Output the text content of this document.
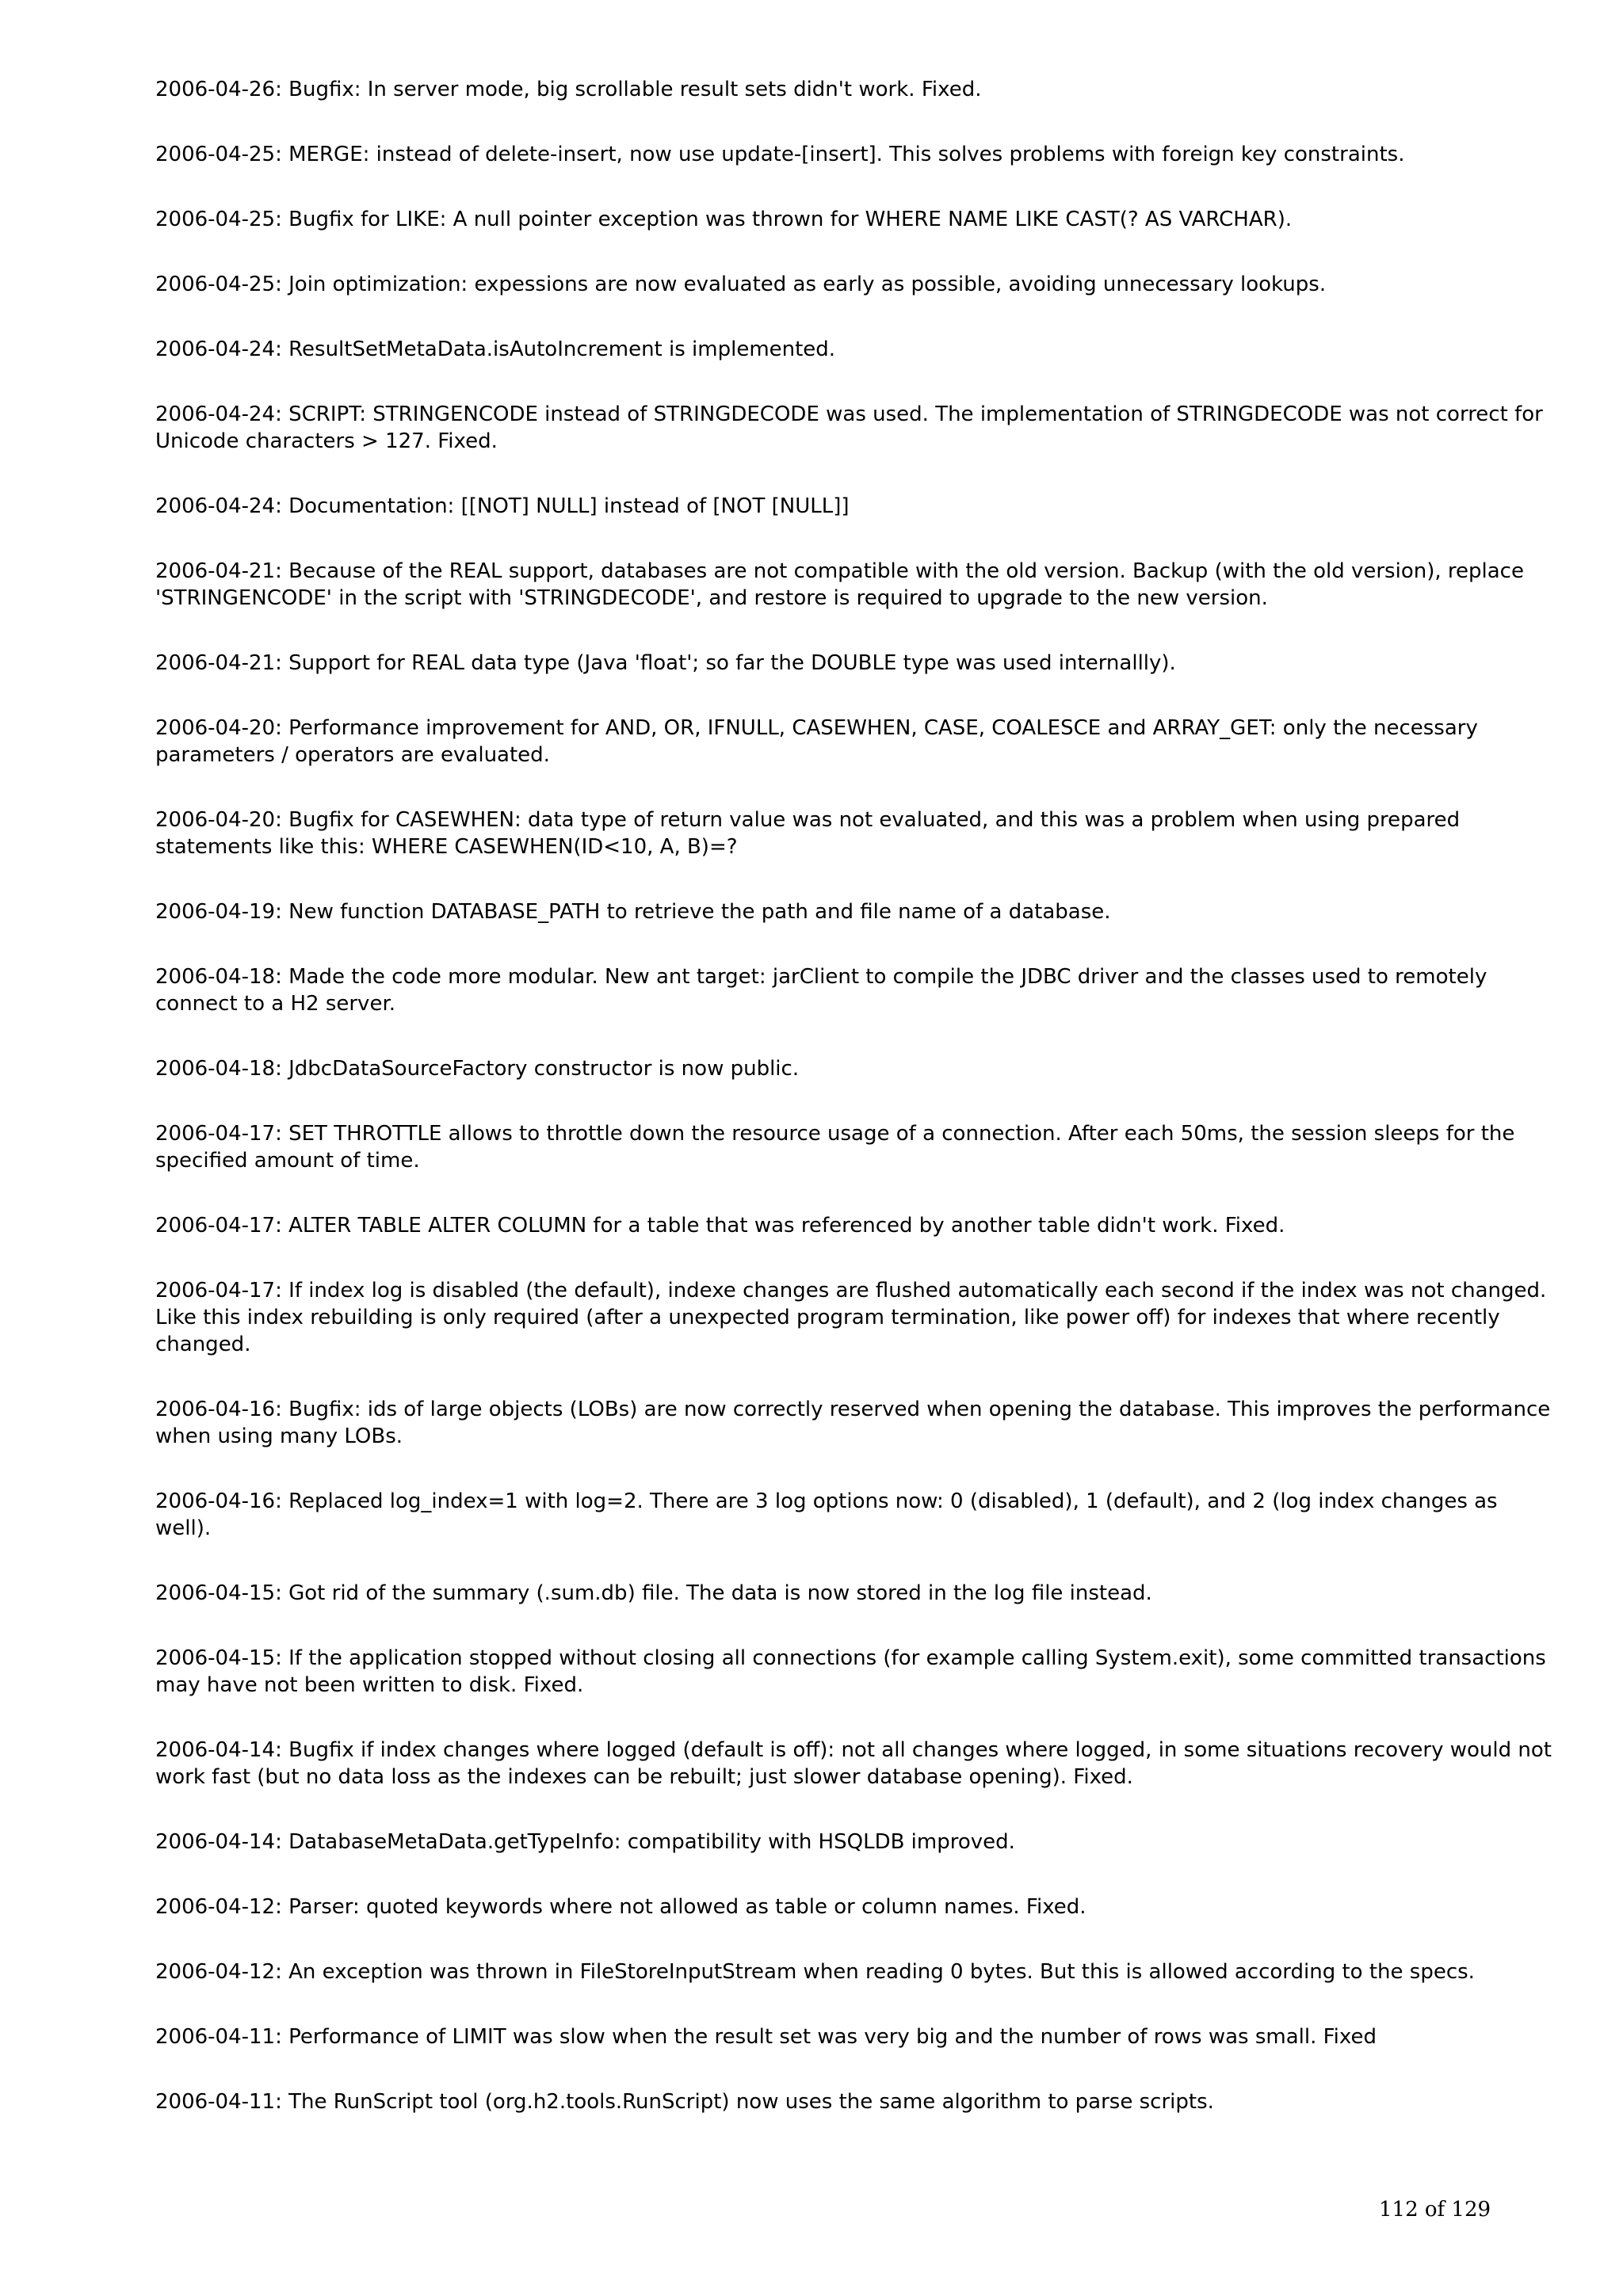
2006-04-26: Bugfix: In server mode, big scrollable result sets didn't work. Fixed.

2006-04-25: MERGE: instead of delete-insert, now use update-[insert]. This solves problems with foreign key constraints.

2006-04-25: Bugfix for LIKE: A null pointer exception was thrown for WHERE NAME LIKE CAST(? AS VARCHAR).

2006-04-25: Join optimization: expessions are now evaluated as early as possible, avoiding unnecessary lookups.

2006-04-24: ResultSetMetaData.isAutoIncrement is implemented.

2006-04-24: SCRIPT: STRINGENCODE instead of STRINGDECODE was used. The implementation of STRINGDECODE was not correct for Unicode characters > 127. Fixed.

2006-04-24: Documentation: [[NOT] NULL] instead of [NOT [NULL]]

2006-04-21: Because of the REAL support, databases are not compatible with the old version. Backup (with the old version), replace 'STRINGENCODE' in the script with 'STRINGDECODE', and restore is required to upgrade to the new version.

2006-04-21: Support for REAL data type (Java 'float'; so far the DOUBLE type was used internallly).

2006-04-20: Performance improvement for AND, OR, IFNULL, CASEWHEN, CASE, COALESCE and ARRAY_GET: only the necessary parameters / operators are evaluated.

2006-04-20: Bugfix for CASEWHEN: data type of return value was not evaluated, and this was a problem when using prepared statements like this: WHERE CASEWHEN(ID<10, A, B)=?

2006-04-19: New function DATABASE_PATH to retrieve the path and file name of a database.

2006-04-18: Made the code more modular. New ant target: jarClient to compile the JDBC driver and the classes used to remotely connect to a H2 server.

2006-04-18: JdbcDataSourceFactory constructor is now public.

2006-04-17: SET THROTTLE allows to throttle down the resource usage of a connection. After each 50ms, the session sleeps for the specified amount of time.

2006-04-17: ALTER TABLE ALTER COLUMN for a table that was referenced by another table didn't work. Fixed.

2006-04-17: If index log is disabled (the default), indexe changes are flushed automatically each second if the index was not changed. Like this index rebuilding is only required (after a unexpected program termination, like power off) for indexes that where recently changed.

2006-04-16: Bugfix: ids of large objects (LOBs) are now correctly reserved when opening the database. This improves the performance when using many LOBs.

2006-04-16: Replaced log_index=1 with log=2. There are 3 log options now: 0 (disabled), 1 (default), and 2 (log index changes as well).

2006-04-15: Got rid of the summary (.sum.db) file. The data is now stored in the log file instead.

2006-04-15: If the application stopped without closing all connections (for example calling System.exit), some committed transactions may have not been written to disk. Fixed.

2006-04-14: Bugfix if index changes where logged (default is off): not all changes where logged, in some situations recovery would not work fast (but no data loss as the indexes can be rebuilt; just slower database opening). Fixed.

2006-04-14: DatabaseMetaData.getTypeInfo: compatibility with HSQLDB improved.

2006-04-12: Parser: quoted keywords where not allowed as table or column names. Fixed.

2006-04-12: An exception was thrown in FileStoreInputStream when reading 0 bytes. But this is allowed according to the specs.

2006-04-11: Performance of LIMIT was slow when the result set was very big and the number of rows was small. Fixed

2006-04-11: The RunScript tool (org.h2.tools.RunScript) now uses the same algorithm to parse scripts.

112 of 129
